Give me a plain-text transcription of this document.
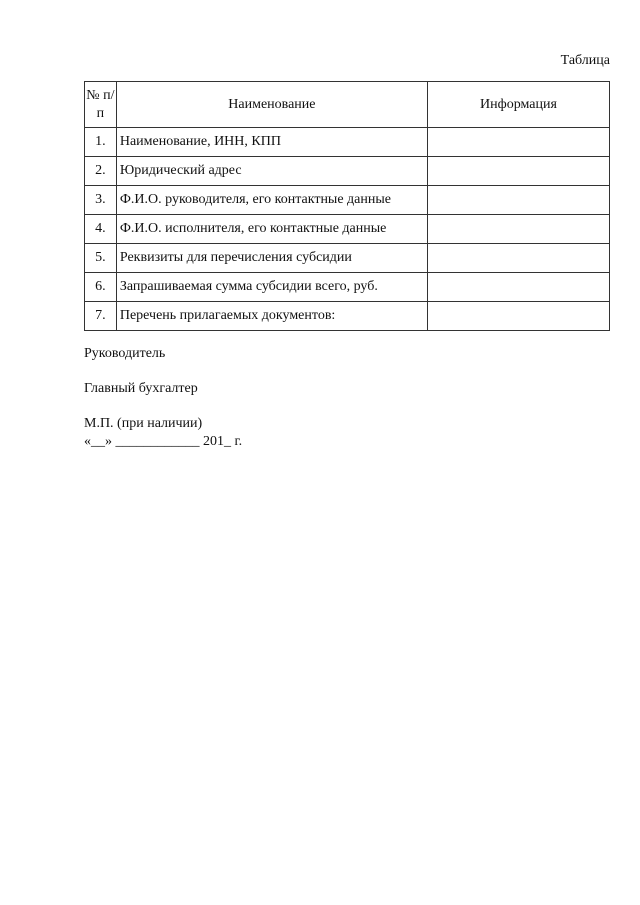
Таблица
№ п/п	Наименование	Информация
1.	Наименование, ИНН, КПП	
2.	Юридический адрес	
3.	Ф.И.О. руководителя, его контактные данные	
4.	Ф.И.О. исполнителя, его контактные данные	
5.	Реквизиты для перечисления субсидии	
6.	Запрашиваемая сумма субсидии всего, руб.	
7.	Перечень прилагаемых документов:	
Руководитель
Главный бухгалтер
М.П. (при наличии)
«__» ____________ 201_ г.
